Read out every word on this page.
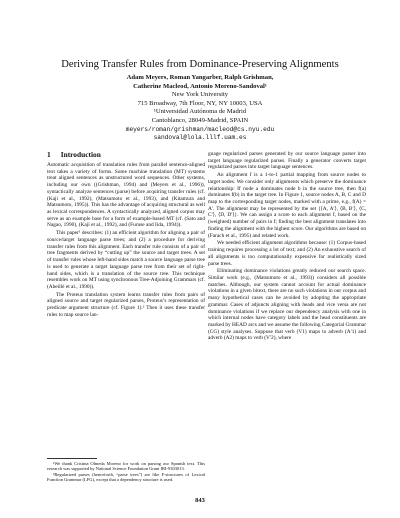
Deriving Transfer Rules from Dominance-Preserving Alignments
Adam Meyers, Roman Yangarber, Ralph Grishman,
Catherine Macleod, Antonio Moreno-Sandoval¹
New York University
715 Broadway, 7th Floor, NY, NY 10003, USA
¹Universidad Autónoma de Madrid
Cantoblanco, 28049-Madrid, SPAIN
meyers/roman/grishman/macleod@cs.nyu.edu
sandoval@lola.lllf.uam.es
1 Introduction

Automatic acquisition of translation rules from parallel sentence-aligned text takes a variety of forms. Some machine translation (MT) systems treat aligned sentences as unstructured word sequences. Other systems, including our own ((Grishman, 1994) and (Meyers et al., 1996)), syntactically analyze sentences (parse) before acquiring transfer rules (cf. (Kaji et al., 1992), (Matsumoto et al., 1993), and (Kitamura and Matsumoto, 1995)). This has the advantage of acquiring structural as well as lexical correspondences. A syntactically analyzed, aligned corpus may serve as an example base for a form of example-based MT (cf. (Sato and Nagao, 1990), (Kaji et al., 1992), and (Furuse and Iida, 1994)).

This paper¹ describes: (1) an efficient algorithm for aligning a pair of source/target language parse trees; and (2) a procedure for deriving transfer rules from this alignment. Each transfer rule consists of a pair of tree fragments derived by “cutting up” the source and target trees. A set of transfer rules whose left-hand sides match a source language parse tree is used to generate a target language parse tree from their set of right-hand sides, which is a translation of the source tree. This technique resembles work on MT using synchronous Tree-Adjoining Grammars (cf. (Abeillé et al., 1990)).

The Proteus translation system learns transfer rules from pairs of aligned source and target regularized parses, Proteus’s representation of predicate argument structure (cf. Figure 1).² Then it uses these transfer rules to map source lan-

¹We thank Cristina Olmeda Moreno for work on parsing our Spanish text. This research was supported by National Science Foundation Grant IRI-9303013.

²Regularized parses (henceforth, “parse trees”) are like F-structures of Lexical Function Grammar (LFG), except that a dependency structure is used.

guage regularized parses generated by our source language parser into target language regularized parses. Finally a generator converts target regularized parses into target language sentences.

An alignment f is a 1-to-1 partial mapping from source nodes to target nodes. We consider only alignments which preserve the dominance relationship: If node a dominates node b in the source tree, then f(a) dominates f(b) in the target tree. In Figure 1, source nodes A, B, C and D map to the corresponding target nodes, marked with a prime, e.g., f(A) = A′. The alignment may be represented by the set {⟨A, A′⟩, ⟨B, B′⟩, ⟨C, C′⟩, ⟨D, D′⟩}. We can assign a score to each alignment f, based on the (weighted) number of pairs in f; finding the best alignment translates into finding the alignment with the highest score. Our algorithms are based on (Farach et al., 1995) and related work.

We needed efficient alignment algorithms because: (1) Corpus-based training requires processing a lot of text; and (2) An exhaustive search of all alignments is too computationally expensive for realistically sized parse trees.

Eliminating dominance violations greatly reduced our search space. Similar work (e.g., (Matsumoto et al., 1993)) considers all possible matches. Although, our system cannot account for actual dominance violations in a given bitext, there are no such violations in our corpus and many hypothetical cases can be avoided by adopting the appropriate grammar. Cases of adjuncts aligning with heads and vice versa are not dominance violations if we replace our dependency analysis with one in which internal nodes have category labels and the head constituents are marked by HEAD arcs and we assume the following Categorial Grammar (CG) style analyses. Suppose that verb (V1) maps to adverb (A′1) and adverb (A2) maps to verb (V′2), where

843
